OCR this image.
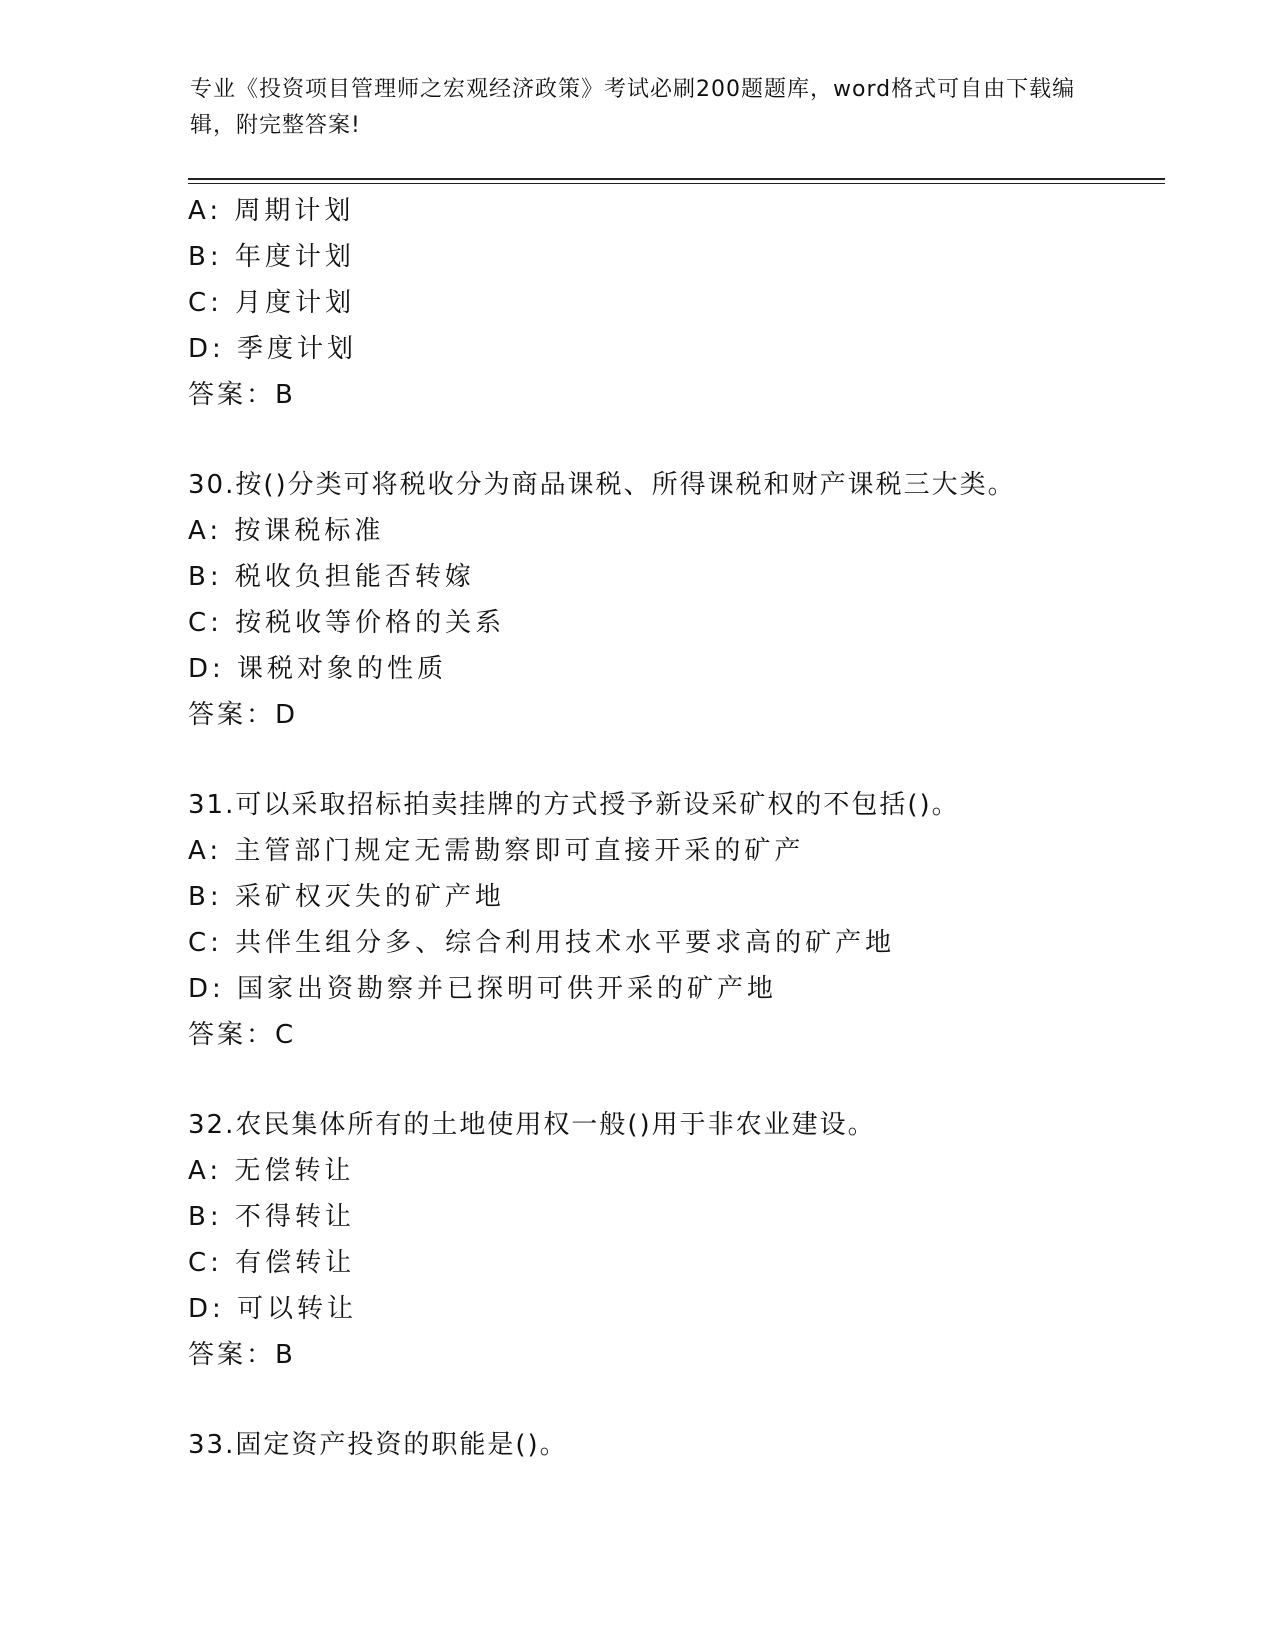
专业《投资项目管理师之宏观经济政策》考试必刷200题题库，word格式可自由下载编辑，附完整答案!
A: 周期计划
B: 年度计划
C: 月度计划
D: 季度计划
答案：B
30.按()分类可将税收分为商品课税、所得课税和财产课税三大类。
A: 按课税标准
B: 税收负担能否转嫁
C: 按税收等价格的关系
D: 课税对象的性质
答案：D
31.可以采取招标拍卖挂牌的方式授予新设采矿权的不包括()。
A: 主管部门规定无需勘察即可直接开采的矿产
B: 采矿权灭失的矿产地
C: 共伴生组分多、综合利用技术水平要求高的矿产地
D: 国家出资勘察并已探明可供开采的矿产地
答案：C
32.农民集体所有的土地使用权一般()用于非农业建设。
A: 无偿转让
B: 不得转让
C: 有偿转让
D: 可以转让
答案：B
33.固定资产投资的职能是()。
